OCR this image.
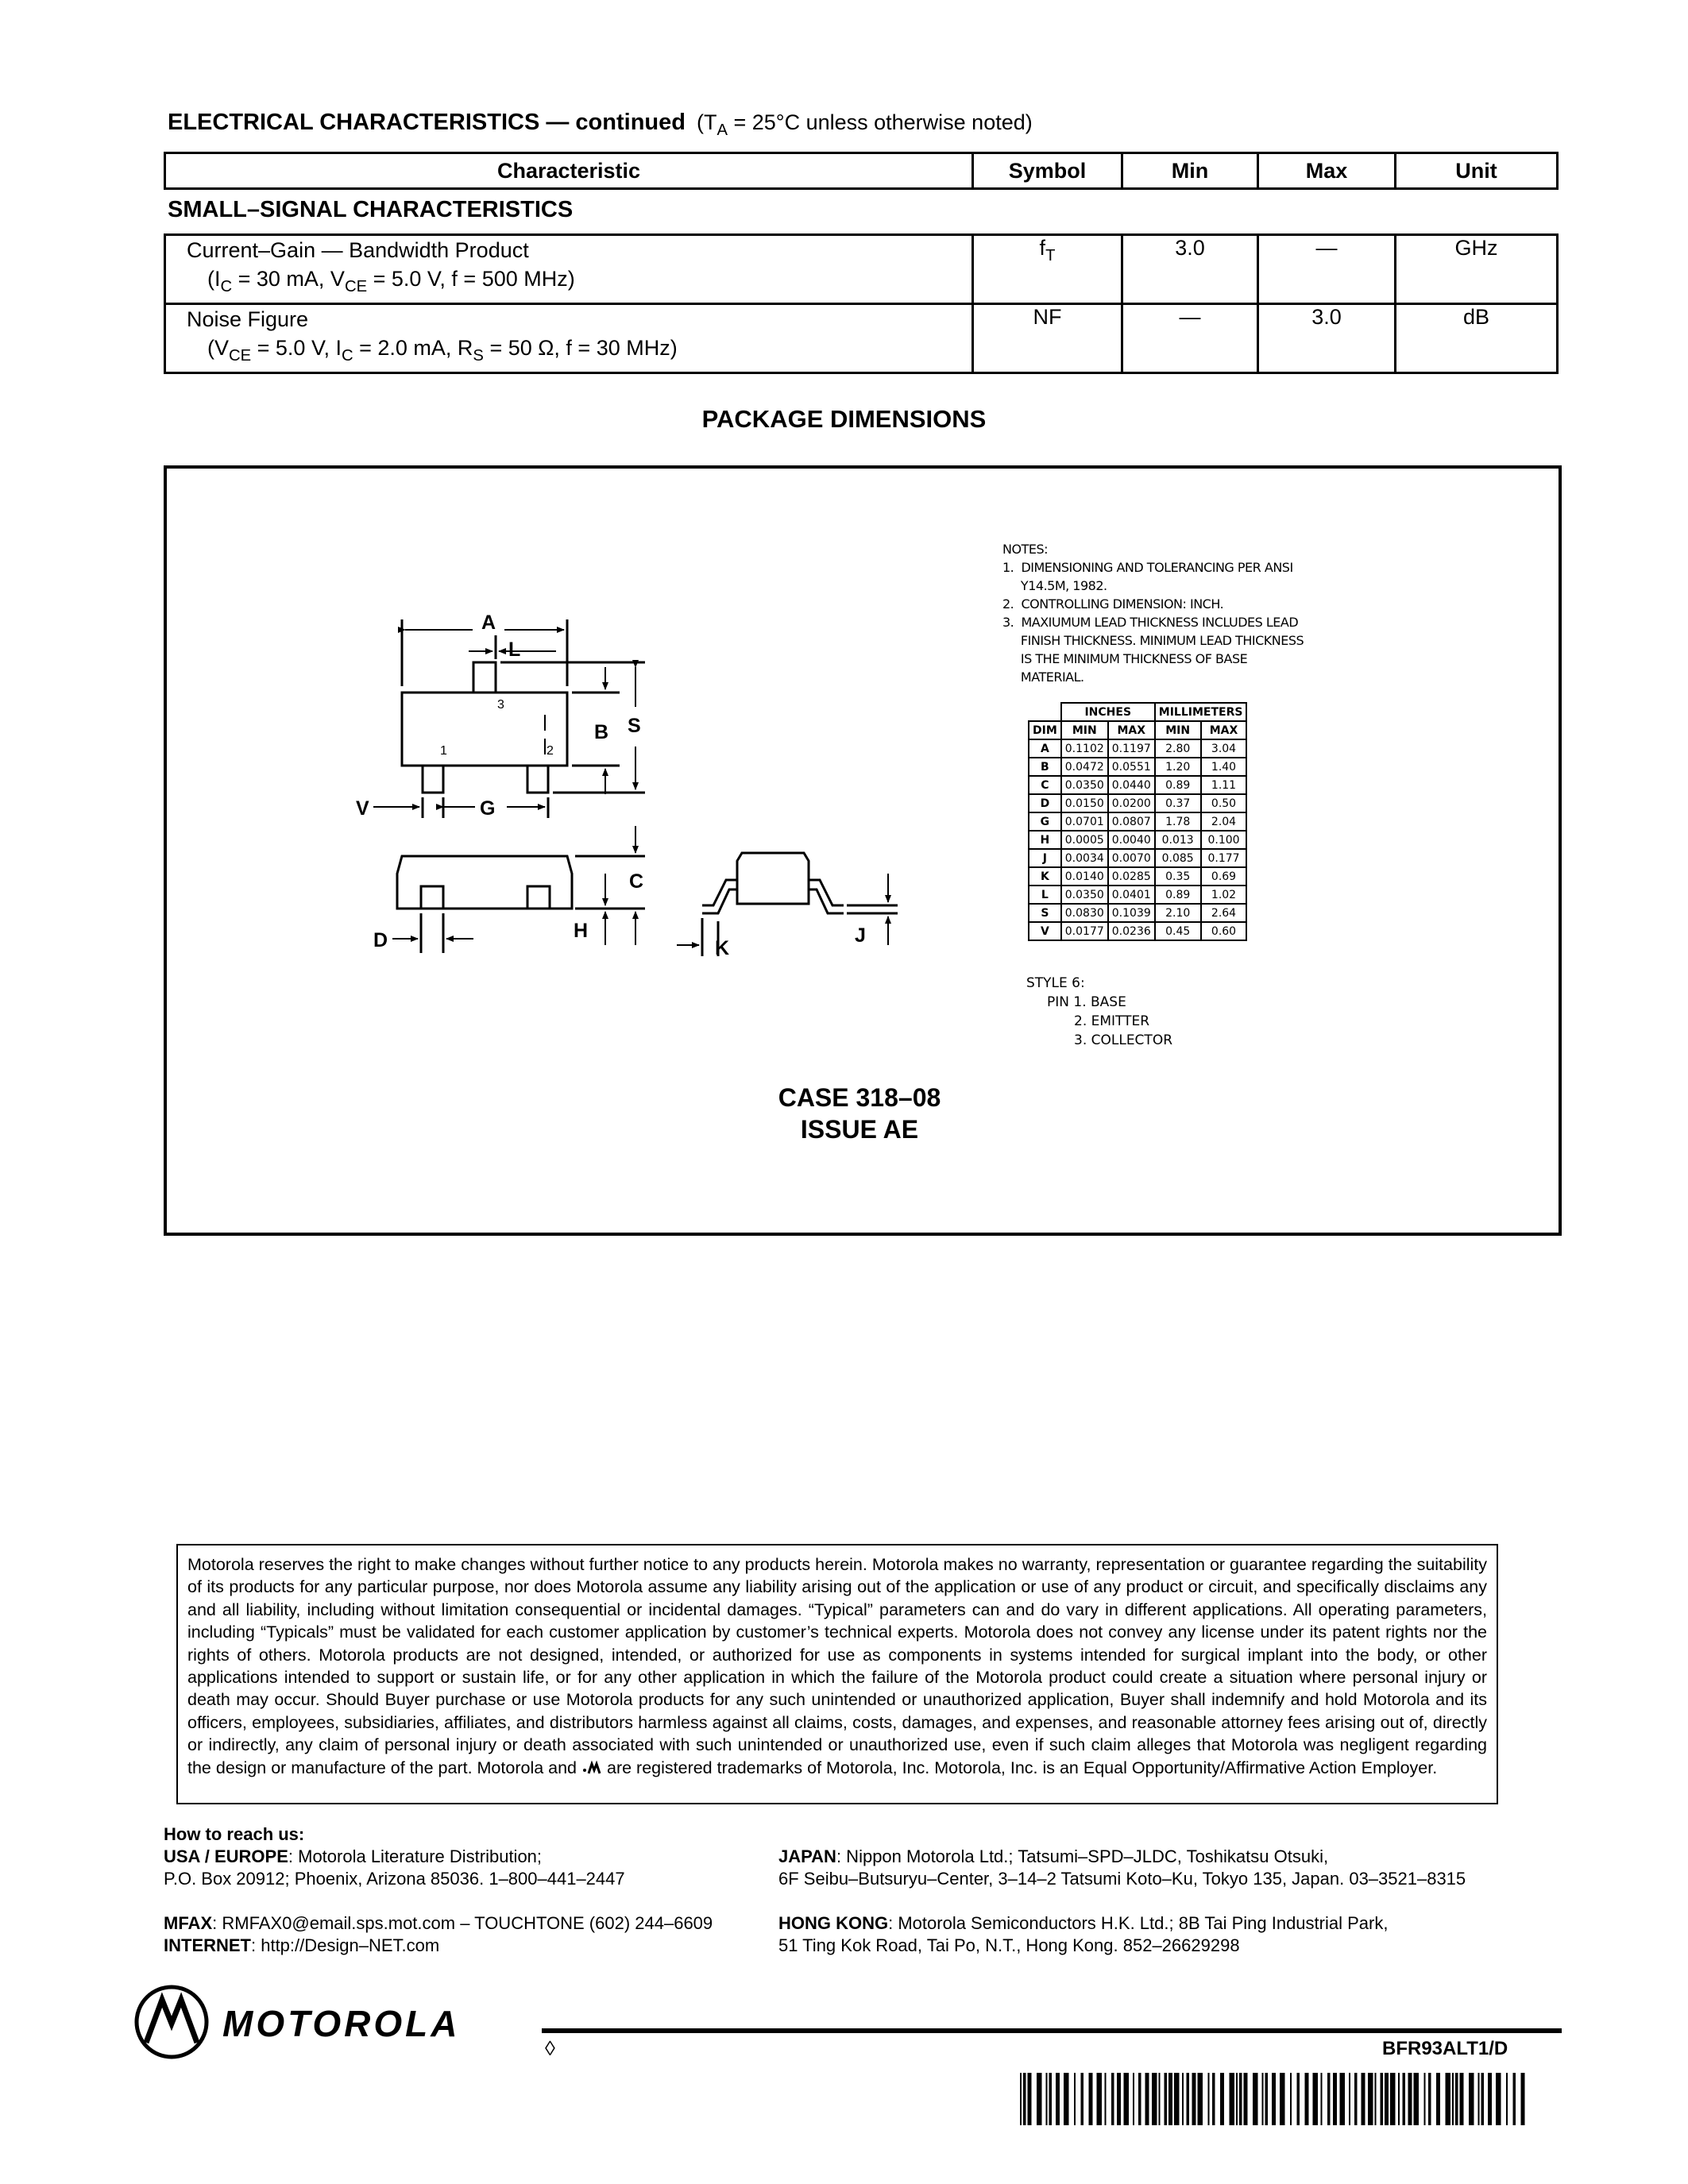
ELECTRICAL CHARACTERISTICS — continued ($T_A = 25^\circ C$ unless otherwise noted)
Characteristic	Symbol	Min	Max	Unit
SMALL–SIGNAL CHARACTERISTICS
Current–Gain — Bandwidth Product
($I_C = 30$ mA, $V_{CE} = 5.0$ V, f = 500 MHz)	$f_T$	3.0	—	GHz

Noise Figure
($V_{CE} = 5.0$ V, $I_C = 2.0$ mA, $R_S = 50$ Ω, f = 30 MHz)	NF	—	3.0	dB
PACKAGE DIMENSIONS
A
L
B S
V	G
C
D	H
K
J
1	2
3
NOTES:
1.  DIMENSIONING AND TOLERANCING PER ANSI
Y14.5M, 1982.
2.  CONTROLLING DIMENSION: INCH.
3.  MAXIUMUM LEAD THICKNESS INCLUDES LEAD
FINISH THICKNESS. MINIMUM LEAD THICKNESS
IS THE MINIMUM THICKNESS OF BASE
MATERIAL.
	INCHES		MILLIMETERS	
DIM	MIN	MAX	MIN	MAX
A	0.1102	0.1197	2.80	3.04
B	0.0472	0.0551	1.20	1.40
C	0.0350	0.0440	0.89	1.11
D	0.0150	0.0200	0.37	0.50
G	0.0701	0.0807	1.78	2.04
H	0.0005	0.0040	0.013	0.100
J	0.0034	0.0070	0.085	0.177
K	0.0140	0.0285	0.35	0.69
L	0.0350	0.0401	0.89	1.02
S	0.0830	0.1039	2.10	2.64
V	0.0177	0.0236	0.45	0.60
STYLE 6:
PIN 1. BASE
2. EMITTER
3. COLLECTOR
CASE 318–08
ISSUE AE
Motorola reserves the right to make changes without further notice to any products herein. Motorola makes no warranty, representation or guarantee regarding the suitability of its products for any particular purpose, nor does Motorola assume any liability arising out of the application or use of any product or circuit, and specifically disclaims any and all liability, including without limitation consequential or incidental damages. “Typical” parameters can and do vary in different applications. All operating parameters, including “Typicals” must be validated for each customer application by customer’s technical experts. Motorola does not convey any license under its patent rights nor the rights of others. Motorola products are not designed, intended, or authorized for use as components in systems intended for surgical implant into the body, or other applications intended to support or sustain life, or for any other application in which the failure of the Motorola product could create a situation where personal injury or death may occur. Should Buyer purchase or use Motorola products for any such unintended or unauthorized application, Buyer shall indemnify and hold Motorola and its officers, employees, subsidiaries, affiliates, and distributors harmless against all claims, costs, damages, and expenses, and reasonable attorney fees arising out of, directly or indirectly, any claim of personal injury or death associated with such unintended or unauthorized use, even if such claim alleges that Motorola was negligent regarding the design or manufacture of the part. Motorola and  are registered trademarks of Motorola, Inc. Motorola, Inc. is an Equal Opportunity/Affirmative Action Employer.
How to reach us:
USA / EUROPE: Motorola Literature Distribution;
P.O. Box 20912; Phoenix, Arizona 85036. 1–800–441–2447
MFAX: RMFAX0@email.sps.mot.com – TOUCHTONE (602) 244–6609
INTERNET: http://Design–NET.com
JAPAN: Nippon Motorola Ltd.; Tatsumi–SPD–JLDC, Toshikatsu Otsuki,
6F Seibu–Butsuryu–Center, 3–14–2 Tatsumi Koto–Ku, Tokyo 135, Japan. 03–3521–8315
HONG KONG: Motorola Semiconductors H.K. Ltd.; 8B Tai Ping Industrial Park,
51 Ting Kok Road, Tai Po, N.T., Hong Kong. 852–26629298
MOTOROLA
◊	BFR93ALT1/D
